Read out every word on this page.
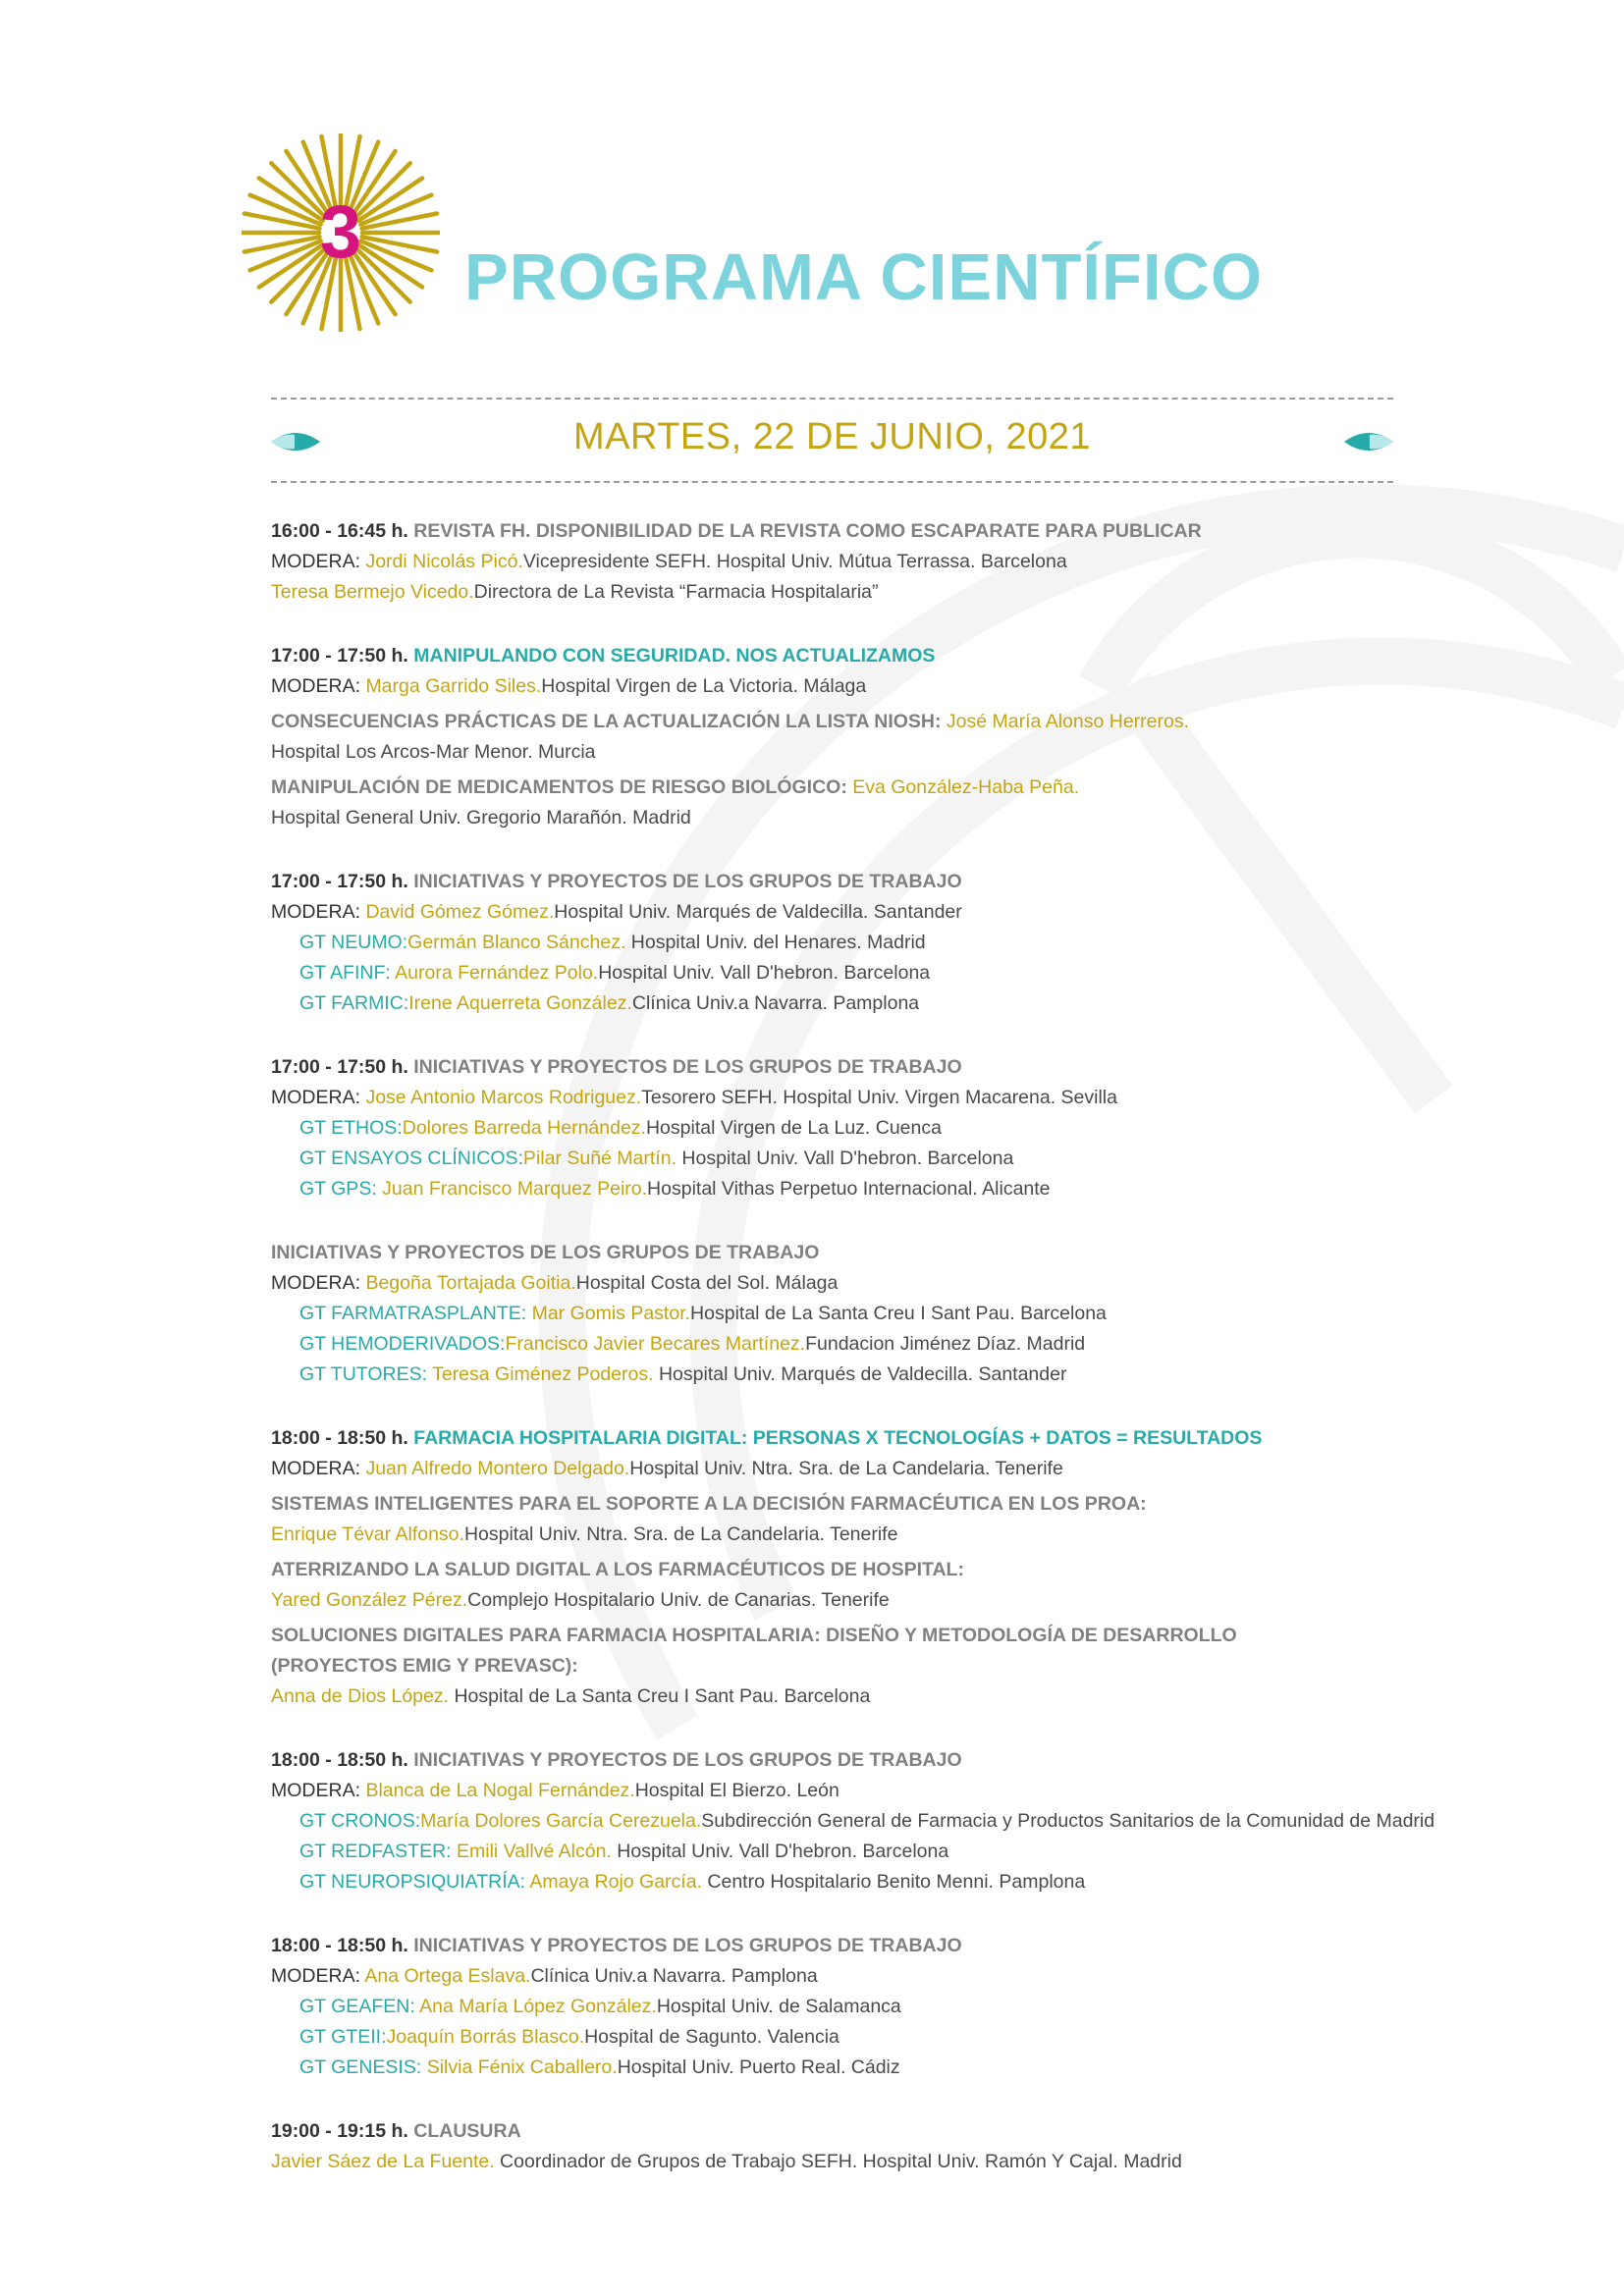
3
PROGRAMA CIENTÍFICO
MARTES, 22 DE JUNIO, 2021
16:00 - 16:45 h. REVISTA FH. DISPONIBILIDAD DE LA REVISTA COMO ESCAPARATE PARA PUBLICAR
MODERA: Jordi Nicolás Picó.Vicepresidente SEFH. Hospital Univ. Mútua Terrassa. Barcelona
Teresa Bermejo Vicedo.Directora de La Revista “Farmacia Hospitalaria”
17:00 - 17:50 h. MANIPULANDO CON SEGURIDAD. NOS ACTUALIZAMOS
MODERA: Marga Garrido Siles.Hospital Virgen de La Victoria. Málaga
CONSECUENCIAS PRÁCTICAS DE LA ACTUALIZACIÓN LA LISTA NIOSH: José María Alonso Herreros.
Hospital Los Arcos-Mar Menor. Murcia
MANIPULACIÓN DE MEDICAMENTOS DE RIESGO BIOLÓGICO: Eva González-Haba Peña.
Hospital General Univ. Gregorio Marañón. Madrid
17:00 - 17:50 h. INICIATIVAS Y PROYECTOS DE LOS GRUPOS DE TRABAJO
MODERA: David Gómez Gómez.Hospital Univ. Marqués de Valdecilla. Santander
GT NEUMO:Germán Blanco Sánchez. Hospital Univ. del Henares. Madrid
GT AFINF: Aurora Fernández Polo.Hospital Univ. Vall D'hebron. Barcelona
GT FARMIC:Irene Aquerreta González.Clínica Univ.a Navarra. Pamplona
17:00 - 17:50 h. INICIATIVAS Y PROYECTOS DE LOS GRUPOS DE TRABAJO
MODERA: Jose Antonio Marcos Rodriguez.Tesorero SEFH. Hospital Univ. Virgen Macarena. Sevilla
GT ETHOS:Dolores Barreda Hernández.Hospital Virgen de La Luz. Cuenca
GT ENSAYOS CLÍNICOS:Pilar Suñé Martín. Hospital Univ. Vall D'hebron. Barcelona
GT GPS: Juan Francisco Marquez Peiro.Hospital Vithas Perpetuo Internacional. Alicante
INICIATIVAS Y PROYECTOS DE LOS GRUPOS DE TRABAJO
MODERA: Begoña Tortajada Goitia.Hospital Costa del Sol. Málaga
GT FARMATRASPLANTE: Mar Gomis Pastor.Hospital de La Santa Creu I Sant Pau. Barcelona
GT HEMODERIVADOS:Francisco Javier Becares Martínez.Fundacion Jiménez Díaz. Madrid
GT TUTORES: Teresa Giménez Poderos. Hospital Univ. Marqués de Valdecilla. Santander
18:00 - 18:50 h. FARMACIA HOSPITALARIA DIGITAL: PERSONAS X TECNOLOGÍAS + DATOS = RESULTADOS
MODERA: Juan Alfredo Montero Delgado.Hospital Univ. Ntra. Sra. de La Candelaria. Tenerife
SISTEMAS INTELIGENTES PARA EL SOPORTE A LA DECISIÓN FARMACÉUTICA EN LOS PROA:
Enrique Tévar Alfonso.Hospital Univ. Ntra. Sra. de La Candelaria. Tenerife
ATERRIZANDO LA SALUD DIGITAL A LOS FARMACÉUTICOS DE HOSPITAL:
Yared González Pérez.Complejo Hospitalario Univ. de Canarias. Tenerife
SOLUCIONES DIGITALES PARA FARMACIA HOSPITALARIA: DISEÑO Y METODOLOGÍA DE DESARROLLO
(PROYECTOS EMIG Y PREVASC):
Anna de Dios López. Hospital de La Santa Creu I Sant Pau. Barcelona
18:00 - 18:50 h. INICIATIVAS Y PROYECTOS DE LOS GRUPOS DE TRABAJO
MODERA: Blanca de La Nogal Fernández.Hospital El Bierzo. León
GT CRONOS:María Dolores García Cerezuela.Subdirección General de Farmacia y Productos Sanitarios de la Comunidad de Madrid
GT REDFASTER: Emili Vallvé Alcón. Hospital Univ. Vall D'hebron. Barcelona
GT NEUROPSIQUIATRÍA: Amaya Rojo García. Centro Hospitalario Benito Menni. Pamplona
18:00 - 18:50 h. INICIATIVAS Y PROYECTOS DE LOS GRUPOS DE TRABAJO
MODERA: Ana Ortega Eslava.Clínica Univ.a Navarra. Pamplona
GT GEAFEN: Ana María López González.Hospital Univ. de Salamanca
GT GTEII:Joaquín Borrás Blasco.Hospital de Sagunto. Valencia
GT GENESIS: Silvia Fénix Caballero.Hospital Univ. Puerto Real. Cádiz
19:00 - 19:15 h. CLAUSURA
Javier Sáez de La Fuente. Coordinador de Grupos de Trabajo SEFH. Hospital Univ. Ramón Y Cajal. Madrid
